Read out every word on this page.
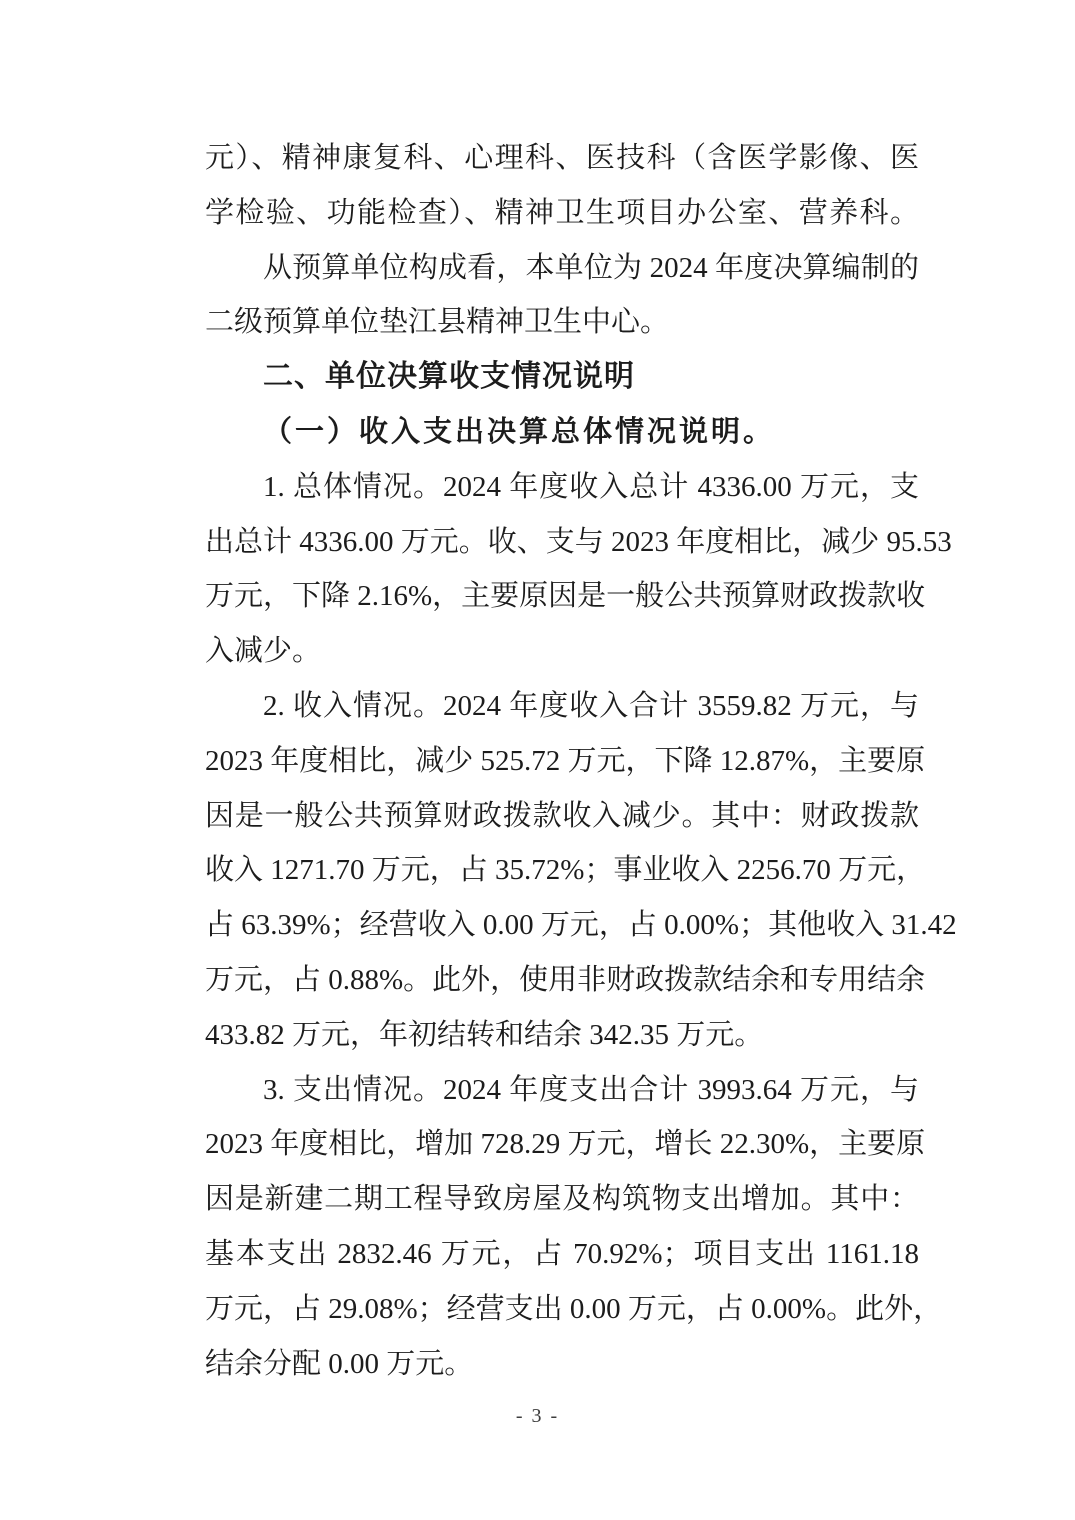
元）、精神康复科、心理科、医技科（含医学影像、医
学检验、功能检查）、精神卫生项目办公室、营养科。
从预算单位构成看，本单位为 2024 年度决算编制的
二级预算单位垫江县精神卫生中心。
二、单位决算收支情况说明
（一）收入支出决算总体情况说明。
1. 总体情况。2024 年度收入总计 4336.00 万元，支
出总计 4336.00 万元。收、支与 2023 年度相比，减少 95.53
万元，下降 2.16%，主要原因是一般公共预算财政拨款收
入减少。
2. 收入情况。2024 年度收入合计 3559.82 万元，与
2023 年度相比，减少 525.72 万元，下降 12.87%，主要原
因是一般公共预算财政拨款收入减少。其中：财政拨款
收入 1271.70 万元，占 35.72%；事业收入 2256.70 万元，
占 63.39%；经营收入 0.00 万元，占 0.00%；其他收入 31.42
万元，占 0.88%。此外，使用非财政拨款结余和专用结余
433.82 万元，年初结转和结余 342.35 万元。
3. 支出情况。2024 年度支出合计 3993.64 万元，与
2023 年度相比，增加 728.29 万元，增长 22.30%，主要原
因是新建二期工程导致房屋及构筑物支出增加。其中：
基本支出 2832.46 万元，占 70.92%；项目支出 1161.18
万元，占 29.08%；经营支出 0.00 万元，占 0.00%。此外，
结余分配 0.00 万元。
- 3 -
